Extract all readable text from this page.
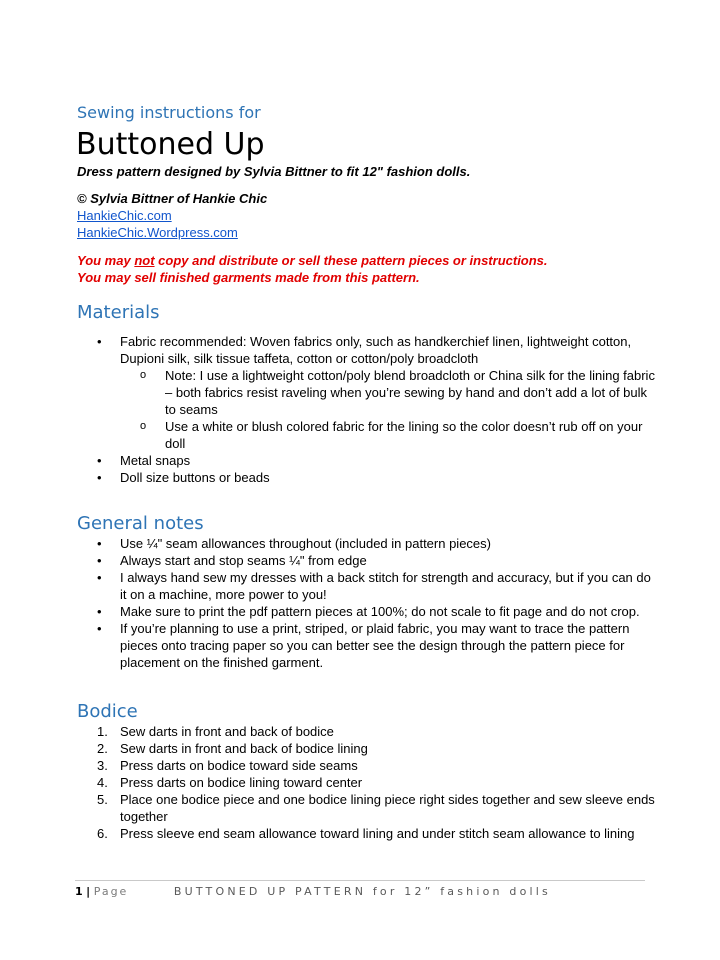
Sewing instructions for

Buttoned Up

Dress pattern designed by Sylvia Bittner to fit 12" fashion dolls.

© Sylvia Bittner of Hankie Chic

HankieChic.com
HankieChic.Wordpress.com
You may not copy and distribute or sell these pattern pieces or instructions.
You may sell finished garments made from this pattern.
Materials
• Fabric recommended: Woven fabrics only, such as handkerchief linen, lightweight cotton, Dupioni silk, silk tissue taffeta, cotton or cotton/poly broadcloth
o Note: I use a lightweight cotton/poly blend broadcloth or China silk for the lining fabric – both fabrics resist raveling when you’re sewing by hand and don’t add a lot of bulk to seams
o Use a white or blush colored fabric for the lining so the color doesn’t rub off on your doll
• Metal snaps
• Doll size buttons or beads
General notes
• Use ¼" seam allowances throughout (included in pattern pieces)
• Always start and stop seams ¼" from edge
• I always hand sew my dresses with a back stitch for strength and accuracy, but if you can do it on a machine, more power to you!
• Make sure to print the pdf pattern pieces at 100%; do not scale to fit page and do not crop.
• If you’re planning to use a print, striped, or plaid fabric, you may want to trace the pattern pieces onto tracing paper so you can better see the design through the pattern piece for placement on the finished garment.
Bodice
1. Sew darts in front and back of bodice
2. Sew darts in front and back of bodice lining
3. Press darts on bodice toward side seams
4. Press darts on bodice lining toward center
5. Place one bodice piece and one bodice lining piece right sides together and sew sleeve ends together
6. Press sleeve end seam allowance toward lining and under stitch seam allowance to lining
1 | Page	BUTTONED UP PATTERN for 12” fashion dolls
